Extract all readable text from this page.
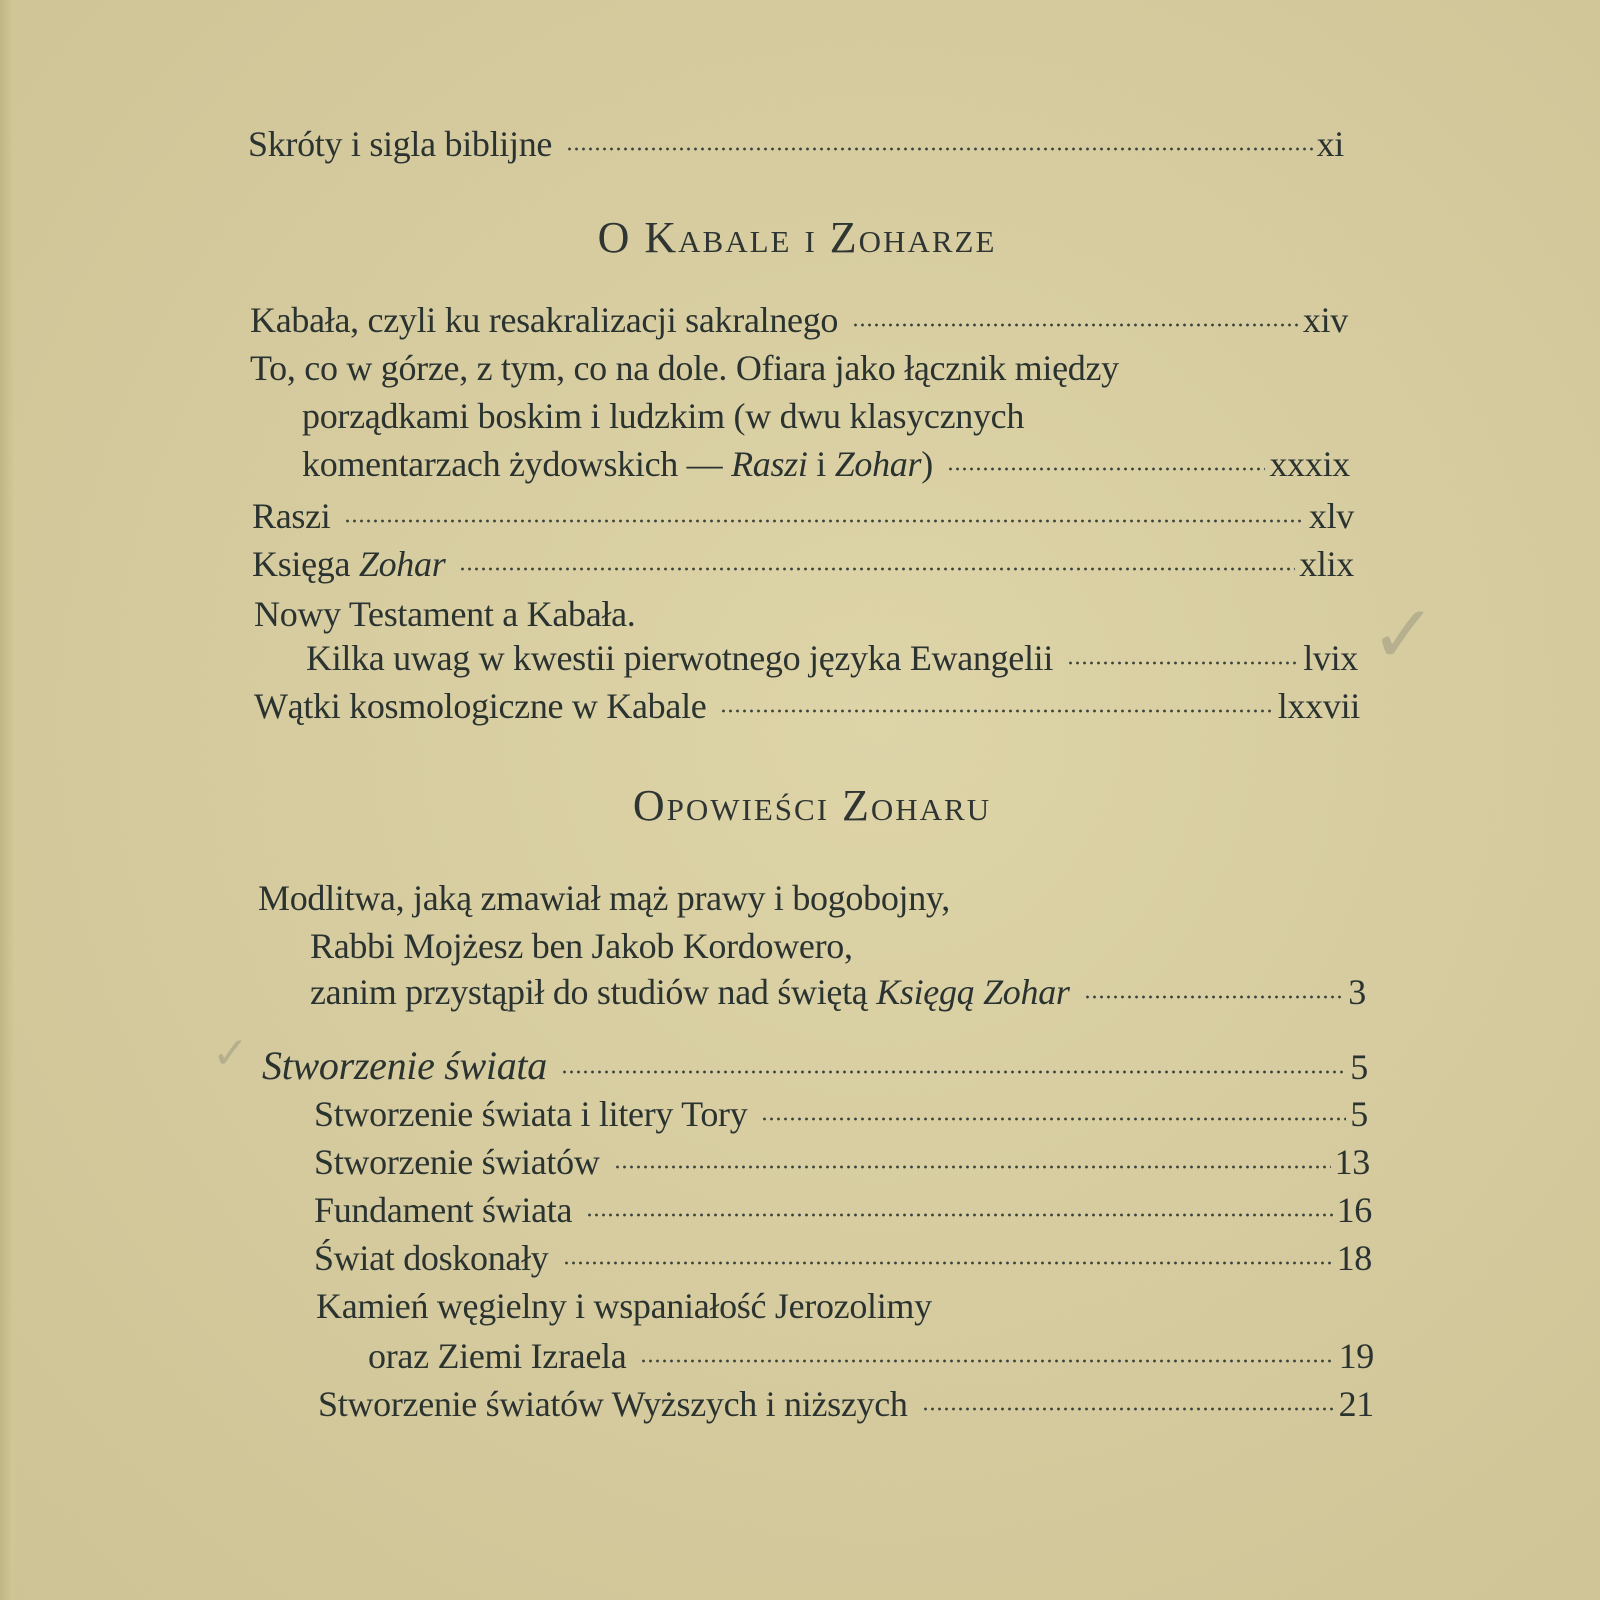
Skróty i sigla biblijne	xi
O Kabale i Zoharze
Kabała, czyli ku resakralizacji sakralnego	xiv
To, co w górze, z tym, co na dole. Ofiara jako łącznik między
porządkami boskim i ludzkim (w dwu klasycznych
komentarzach żydowskich — Raszi i Zohar)	xxxix
Raszi	xlv
Księga Zohar	xlix
Nowy Testament a Kabała.
Kilka uwag w kwestii pierwotnego języka Ewangelii	lvix
Wątki kosmologiczne w Kabale	lxxvii
Opowieści Zoharu
Modlitwa, jaką zmawiał mąż prawy i bogobojny,
Rabbi Mojżesz ben Jakob Kordowero,
zanim przystąpił do studiów nad świętą Księgą Zohar	3
✓ Stworzenie świata	5
Stworzenie świata i litery Tory	5
Stworzenie światów	13
Fundament świata	16
Świat doskonały	18
Kamień węgielny i wspaniałość Jerozolimy
oraz Ziemi Izraela	19
Stworzenie światów Wyższych i niższych	21
✓
